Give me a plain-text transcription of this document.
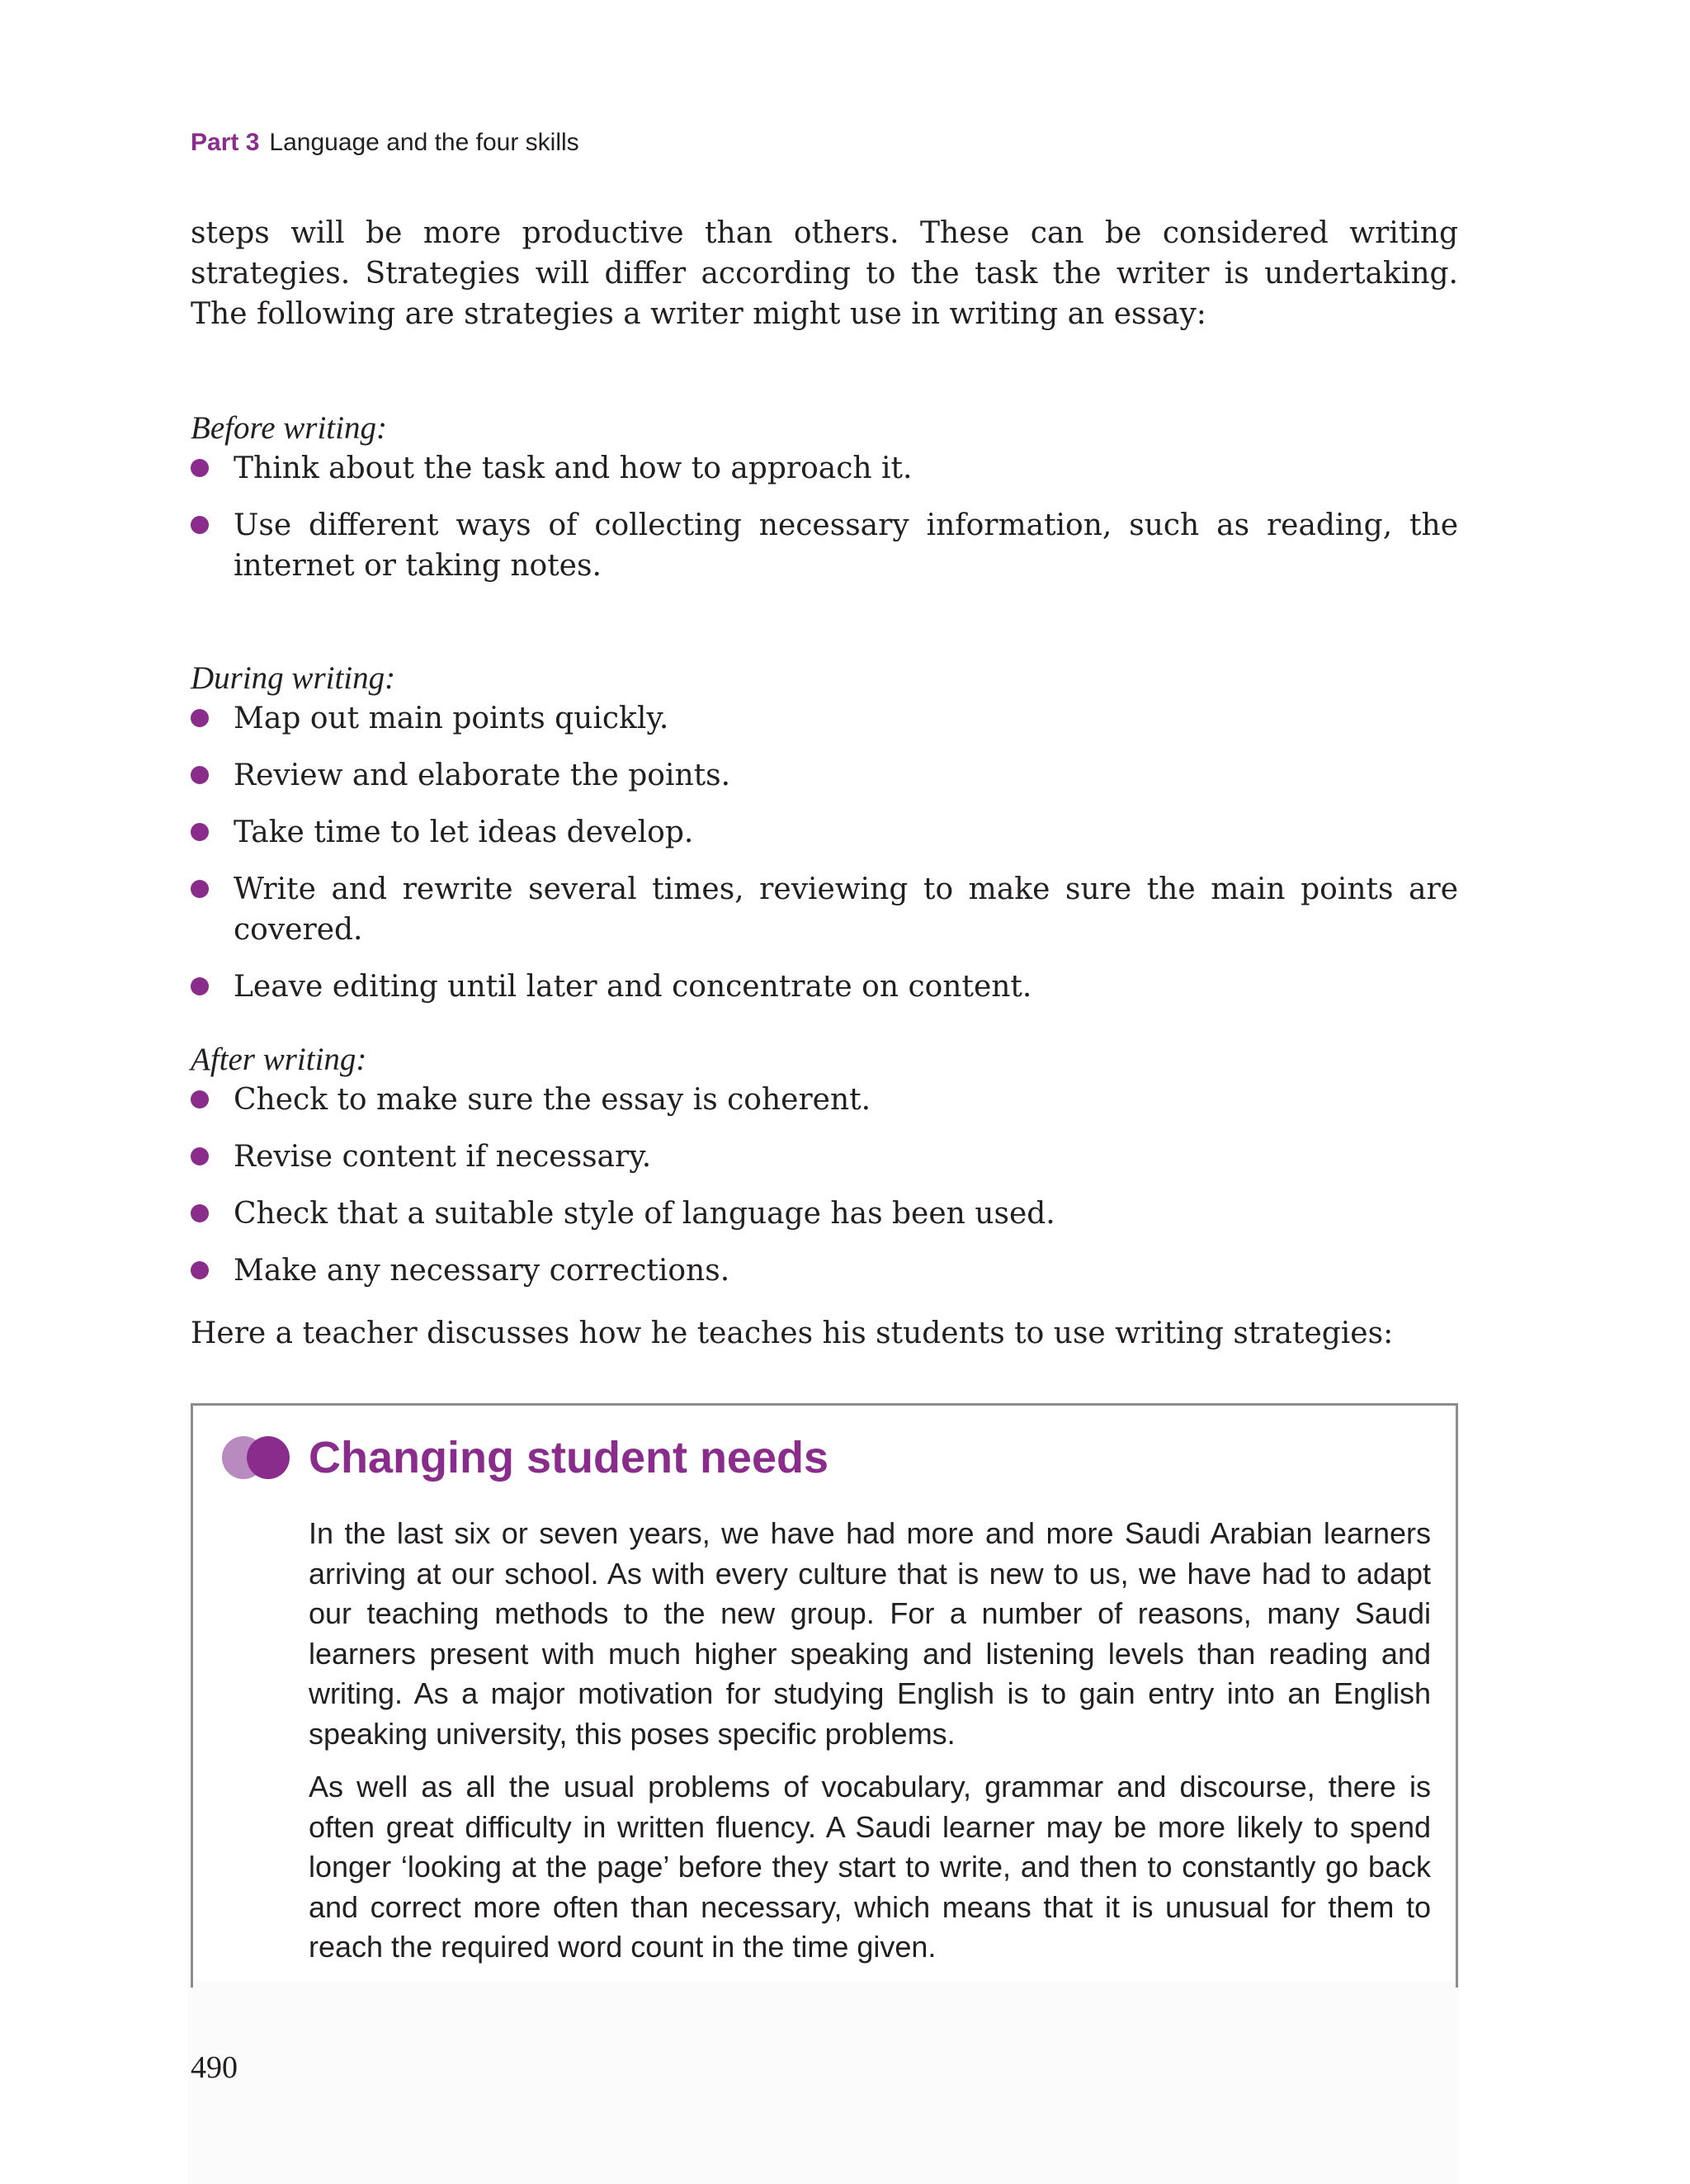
Part 3 Language and the four skills

steps will be more productive than others. These can be considered writing strategies. Strategies will differ according to the task the writer is undertaking. The following are strategies a writer might use in writing an essay:

Before writing:

Think about the task and how to approach it.
Use different ways of collecting necessary information, such as reading, the internet or taking notes.

During writing:

Map out main points quickly.
Review and elaborate the points.
Take time to let ideas develop.
Write and rewrite several times, reviewing to make sure the main points are covered.
Leave editing until later and concentrate on content.

After writing:

Check to make sure the essay is coherent.
Revise content if necessary.
Check that a suitable style of language has been used.
Make any necessary corrections.

Here a teacher discusses how he teaches his students to use writing strategies:

Changing student needs

In the last six or seven years, we have had more and more Saudi Arabian learners arriving at our school. As with every culture that is new to us, we have had to adapt our teaching methods to the new group. For a number of reasons, many Saudi learners present with much higher speaking and listening levels than reading and writing. As a major motivation for studying English is to gain entry into an English speaking university, this poses specific problems.

As well as all the usual problems of vocabulary, grammar and discourse, there is often great difficulty in written fluency. A Saudi learner may be more likely to spend longer ‘looking at the page’ before they start to write, and then to constantly go back and correct more often than necessary, which means that it is unusual for them to reach the required word count in the time given.

490
